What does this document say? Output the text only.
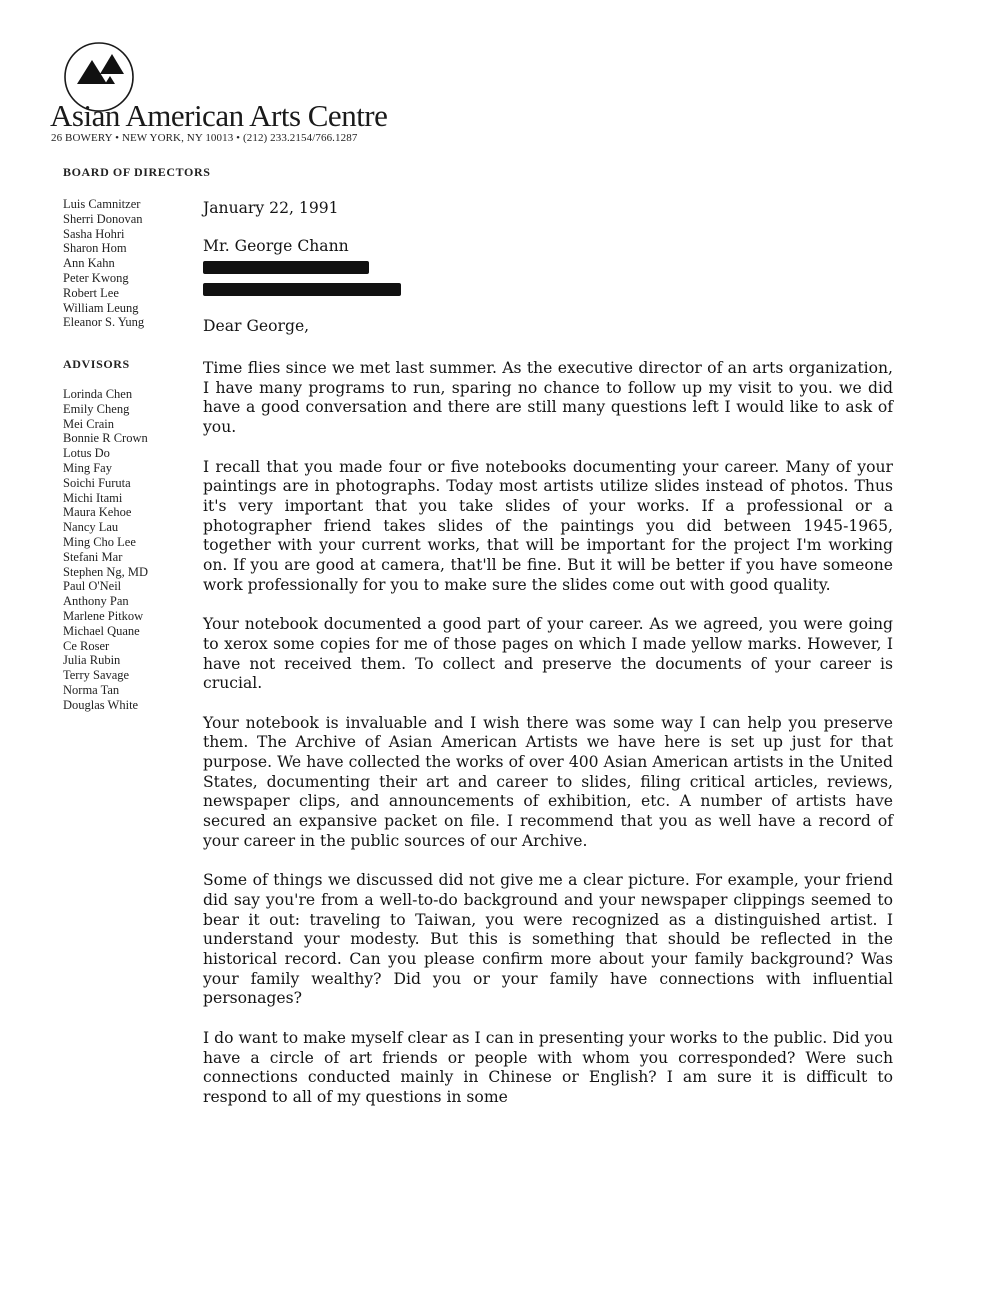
Asian American Arts Centre
26 BOWERY • NEW YORK, NY 10013 • (212) 233.2154/766.1287
BOARD OF DIRECTORS
Luis Camnitzer
Sherri Donovan
Sasha Hohri
Sharon Hom
Ann Kahn
Peter Kwong
Robert Lee
William Leung
Eleanor S. Yung
ADVISORS
Lorinda Chen
Emily Cheng
Mei Crain
Bonnie R Crown
Lotus Do
Ming Fay
Soichi Furuta
Michi Itami
Maura Kehoe
Nancy Lau
Ming Cho Lee
Stefani Mar
Stephen Ng, MD
Paul O'Neil
Anthony Pan
Marlene Pitkow
Michael Quane
Ce Roser
Julia Rubin
Terry Savage
Norma Tan
Douglas White
January 22, 1991
Mr. George Chann
Dear George,

Time flies since we met last summer. As the executive director of an arts organization, I have many programs to run, sparing no chance to follow up my visit to you. we did have a good conversation and there are still many questions left I would like to ask of you.

I recall that you made four or five notebooks documenting your career. Many of your paintings are in photographs. Today most artists utilize slides instead of photos. Thus it's very important that you take slides of your works. If a professional or a photographer friend takes slides of the paintings you did between 1945-1965, together with your current works, that will be important for the project I'm working on. If you are good at camera, that'll be fine. But it will be better if you have someone work professionally for you to make sure the slides come out with good quality.

Your notebook documented a good part of your career. As we agreed, you were going to xerox some copies for me of those pages on which I made yellow marks. However, I have not received them. To collect and preserve the documents of your career is crucial.

Your notebook is invaluable and I wish there was some way I can help you preserve them. The Archive of Asian American Artists we have here is set up just for that purpose. We have collected the works of over 400 Asian American artists in the United States, documenting their art and career to slides, filing critical articles, reviews, newspaper clips, and announcements of exhibition, etc. A number of artists have secured an expansive packet on file. I recommend that you as well have a record of your career in the public sources of our Archive.

Some of things we discussed did not give me a clear picture. For example, your friend did say you're from a well-to-do background and your newspaper clippings seemed to bear it out: traveling to Taiwan, you were recognized as a distinguished artist. I understand your modesty. But this is something that should be reflected in the historical record. Can you please confirm more about your family background? Was your family wealthy? Did you or your family have connections with influential personages?

I do want to make myself clear as I can in presenting your works to the public. Did you have a circle of art friends or people with whom you corresponded? Were such connections conducted mainly in Chinese or English? I am sure it is difficult to respond to all of my questions in some
